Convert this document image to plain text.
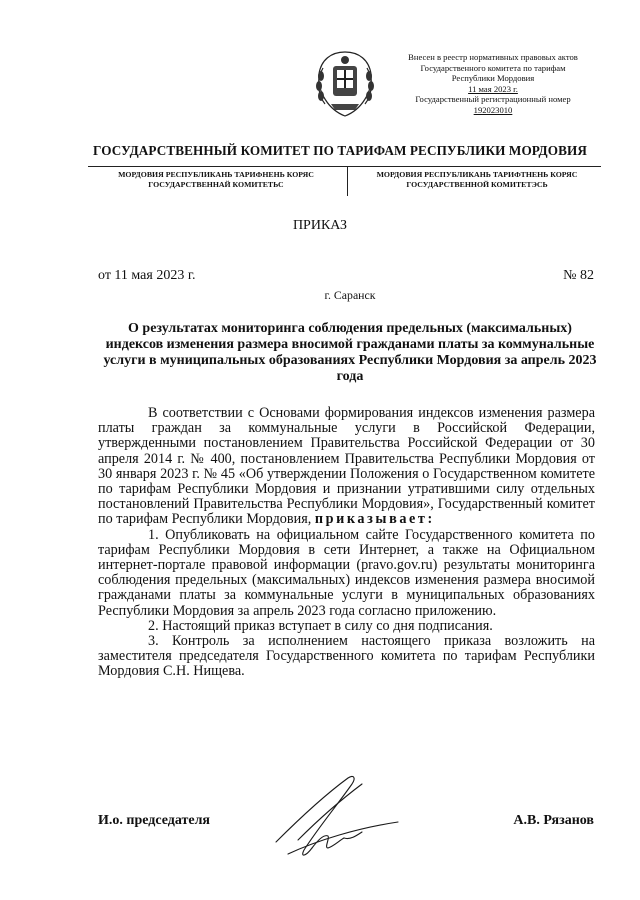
Внесен в реестр нормативных правовых актов
Государственного комитета по тарифам
Республики Мордовия
11 мая 2023 г.
Государственный регистрационный номер
192023010
ГОСУДАРСТВЕННЫЙ КОМИТЕТ ПО ТАРИФАМ РЕСПУБЛИКИ МОРДОВИЯ
МОРДОВИЯ РЕСПУБЛИКАНЬ ТАРИФНЕНЬ КОРЯС
ГОСУДАРСТВЕННАЙ КОМИТЕТЬС
МОРДОВИЯ РЕСПУБЛИКАНЬ ТАРИФТНЕНЬ КОРЯС
ГОСУДАРСТВЕННОЙ КОМИТЕТЭСЬ
ПРИКАЗ
от 11 мая 2023 г.	№ 82
г. Саранск
О результатах мониторинга соблюдения предельных (максимальных) индексов изменения размера вносимой гражданами платы за коммунальные услуги в муниципальных образованиях Республики Мордовия за апрель 2023 года

В соответствии с Основами формирования индексов изменения размера платы граждан за коммунальные услуги в Российской Федерации, утвержденными постановлением Правительства Российской Федерации от 30 апреля 2014 г. № 400, постановлением Правительства Республики Мордовия от 30 января 2023 г. № 45 «Об утверждении Положения о Государственном комитете по тарифам Республики Мордовия и признании утратившими силу отдельных постановлений Правительства Республики Мордовия», Государственный комитет по тарифам Республики Мордовия, приказывает:

1. Опубликовать на официальном сайте Государственного комитета по тарифам Республики Мордовия в сети Интернет, а также на Официальном интернет-портале правовой информации (pravo.gov.ru) результаты мониторинга соблюдения предельных (максимальных) индексов изменения размера вносимой гражданами платы за коммунальные услуги в муниципальных образованиях Республики Мордовия за апрель 2023 года согласно приложению.

2. Настоящий приказ вступает в силу со дня подписания.

3. Контроль за исполнением настоящего приказа возложить на заместителя председателя Государственного комитета по тарифам Республики Мордовия С.Н. Нищева.

И.о. председателя	А.В. Рязанов
